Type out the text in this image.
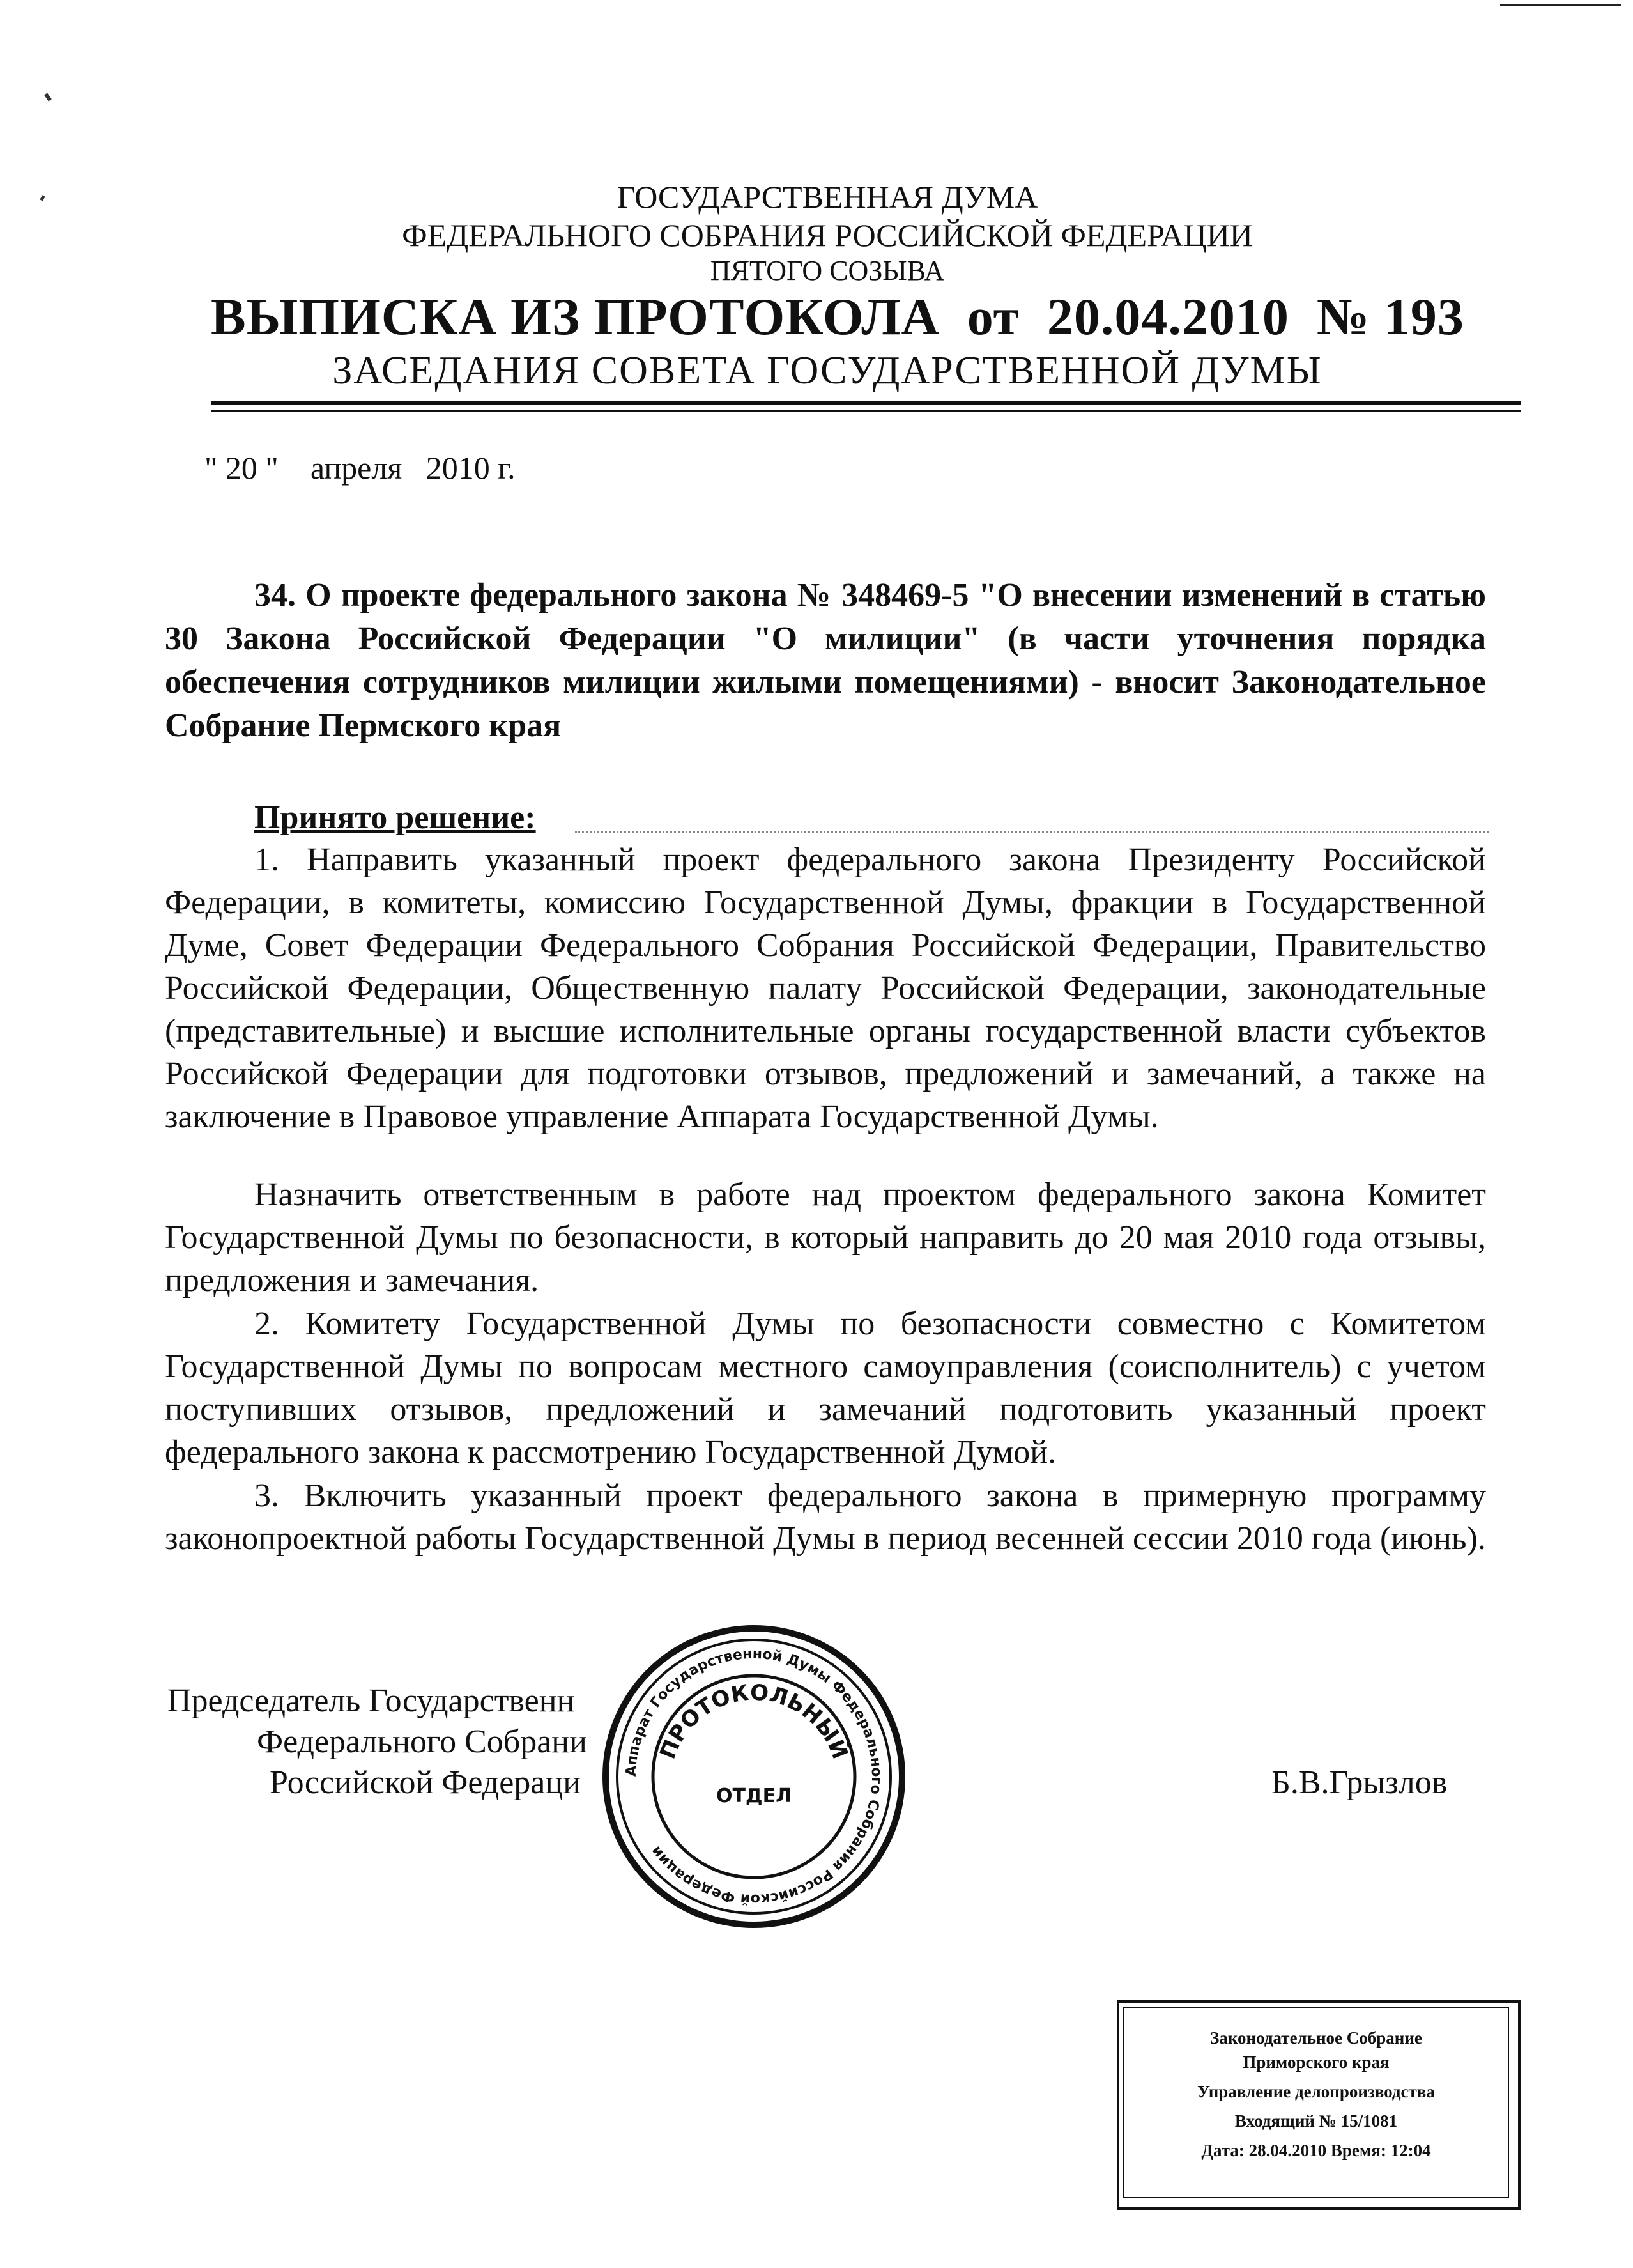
ГОСУДАРСТВЕННАЯ ДУМА
ФЕДЕРАЛЬНОГО СОБРАНИЯ РОССИЙСКОЙ ФЕДЕРАЦИИ
ПЯТОГО СОЗЫВА
ВЫПИСКА ИЗ ПРОТОКОЛА  от  20.04.2010  № 193
ЗАСЕДАНИЯ СОВЕТА ГОСУДАРСТВЕННОЙ ДУМЫ
" 20 "    апреля   2010 г.
34. О проекте федерального закона № 348469-5 "О внесении изменений в статью 30 Закона Российской Федерации "О милиции" (в части уточнения порядка обеспечения сотрудников милиции жилыми помещениями) - вносит Законодательное Собрание Пермского края
Принято решение:
1. Направить указанный проект федерального закона Президенту Российской Федерации, в комитеты, комиссию Государственной Думы, фракции в Государственной Думе, Совет Федерации Федерального Собрания Российской Федерации, Правительство Российской Федерации, Общественную палату Российской Федерации, законодательные (представительные) и высшие исполнительные органы государственной власти субъектов Российской Федерации для подготовки отзывов, предложений и замечаний, а также на заключение в Правовое управление Аппарата Государственной Думы.
Назначить ответственным в работе над проектом федерального закона Комитет Государственной Думы по безопасности, в который направить до 20 мая 2010 года отзывы, предложения и замечания.
2. Комитету Государственной Думы по безопасности совместно с Комитетом Государственной Думы по вопросам местного самоуправления (соисполнитель) с учетом поступивших отзывов, предложений и замечаний подготовить указанный проект федерального закона к рассмотрению Государственной Думой.
3. Включить указанный проект федерального закона в примерную программу законопроектной работы Государственной Думы в период весенней сессии 2010 года (июнь).
Председатель Государственн
Федерального Собрани
Российской Федераци	Б.В.Грызлов
Аппарат Государственной Думы Федерального Собрания Российской Федерации
ПРОТОКОЛЬНЫЙ
ОТДЕЛ
Законодательное Собрание
Приморского края
Управление делопроизводства
Входящий № 15/1081
Дата: 28.04.2010 Время: 12:04
